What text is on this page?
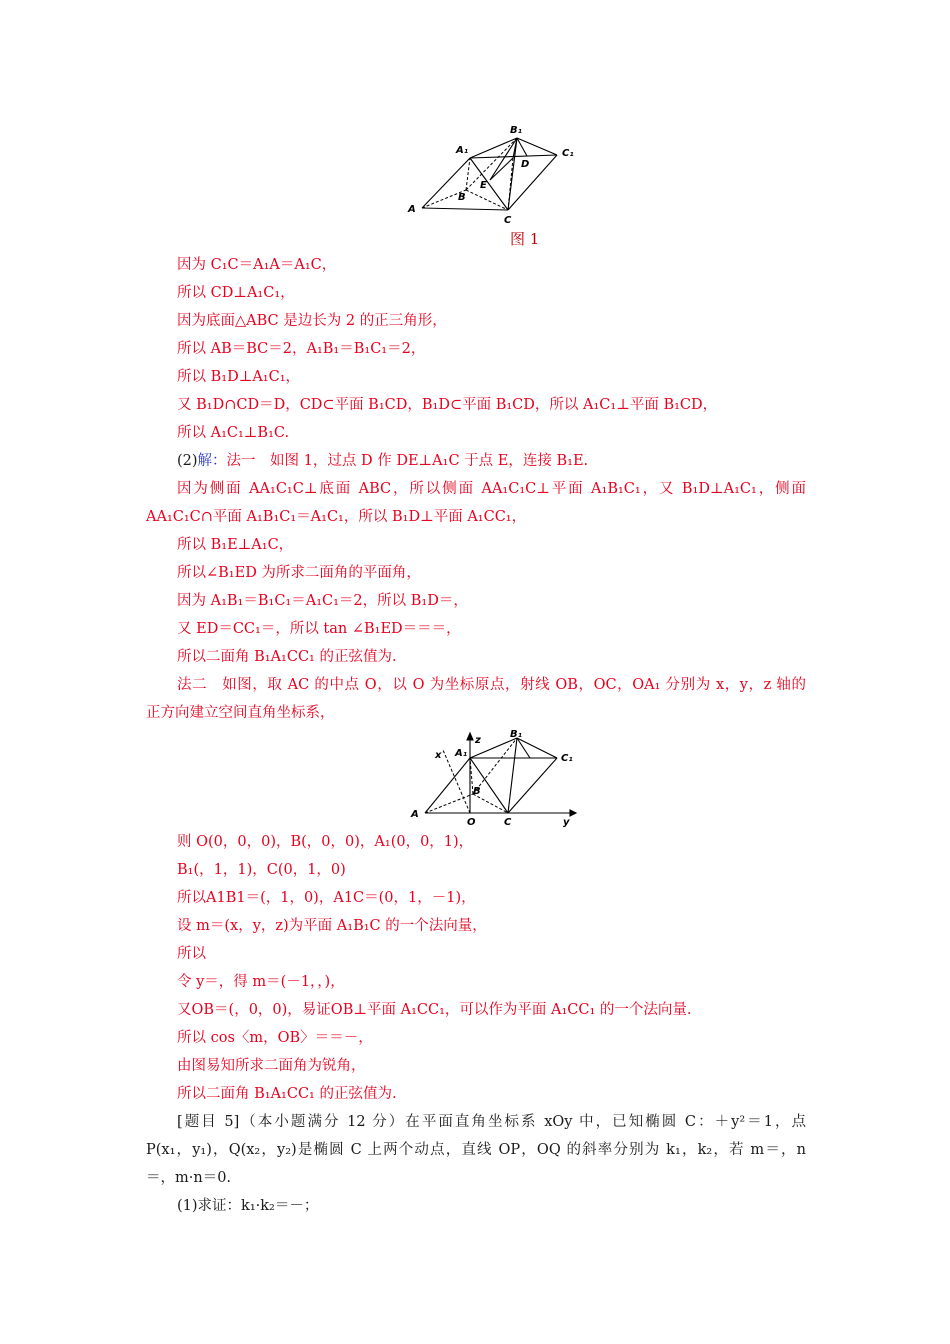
A
B
C
A₁
B₁
C₁
D
E
图 1
因为 C₁C＝A₁A＝A₁C，
所以 CD⊥A₁C₁，
因为底面△ABC 是边长为 2 的正三角形，
所以 AB＝BC＝2，A₁B₁＝B₁C₁＝2，
所以 B₁D⊥A₁C₁，
又 B₁D∩CD＝D，CD⊂平面 B₁CD，B₁D⊂平面 B₁CD，所以 A₁C₁⊥平面 B₁CD，
所以 A₁C₁⊥B₁C.
(2)解：法一　如图 1，过点 D 作 DE⊥A₁C 于点 E，连接 B₁E.
因为侧面 AA₁C₁C⊥底面 ABC，所以侧面 AA₁C₁C⊥平面 A₁B₁C₁，又 B₁D⊥A₁C₁，侧面
AA₁C₁C∩平面 A₁B₁C₁＝A₁C₁，所以 B₁D⊥平面 A₁CC₁，
所以 B₁E⊥A₁C，
所以∠B₁ED 为所求二面角的平面角，
因为 A₁B₁＝B₁C₁＝A₁C₁＝2，所以 B₁D＝，
又 ED＝CC₁＝，所以 tan ∠B₁ED＝＝＝，
所以二面角 B₁A₁CC₁ 的正弦值为.
法二　如图，取 AC 的中点 O，以 O 为坐标原点，射线 OB，OC，OA₁ 分别为 x，y，z 轴的
正方向建立空间直角坐标系，
A
B
C
O
A₁
B₁
C₁
x
y
z
则 O(0，0，0)，B(，0，0)，A₁(0，0，1)，
B₁(，1，1)，C(0，1，0)
所以A1B1＝(，1，0)，A1C＝(0，1，－1)，
设 m＝(x，y，z)为平面 A₁B₁C 的一个法向量，
所以
令 y＝，得 m＝(－1，，)，
又OB＝(，0，0)，易证OB⊥平面 A₁CC₁，可以作为平面 A₁CC₁ 的一个法向量.
所以 cos〈m，OB〉＝＝－，
由图易知所求二面角为锐角，
所以二面角 B₁A₁CC₁ 的正弦值为.
[题目 5]（本小题满分 12 分）在平面直角坐标系 xOy 中，已知椭圆 C：＋y²＝1，点
P(x₁，y₁)，Q(x₂，y₂)是椭圆 C 上两个动点，直线 OP，OQ 的斜率分别为 k₁，k₂，若 m＝，n
＝，m·n＝0.
(1)求证：k₁·k₂＝－；
